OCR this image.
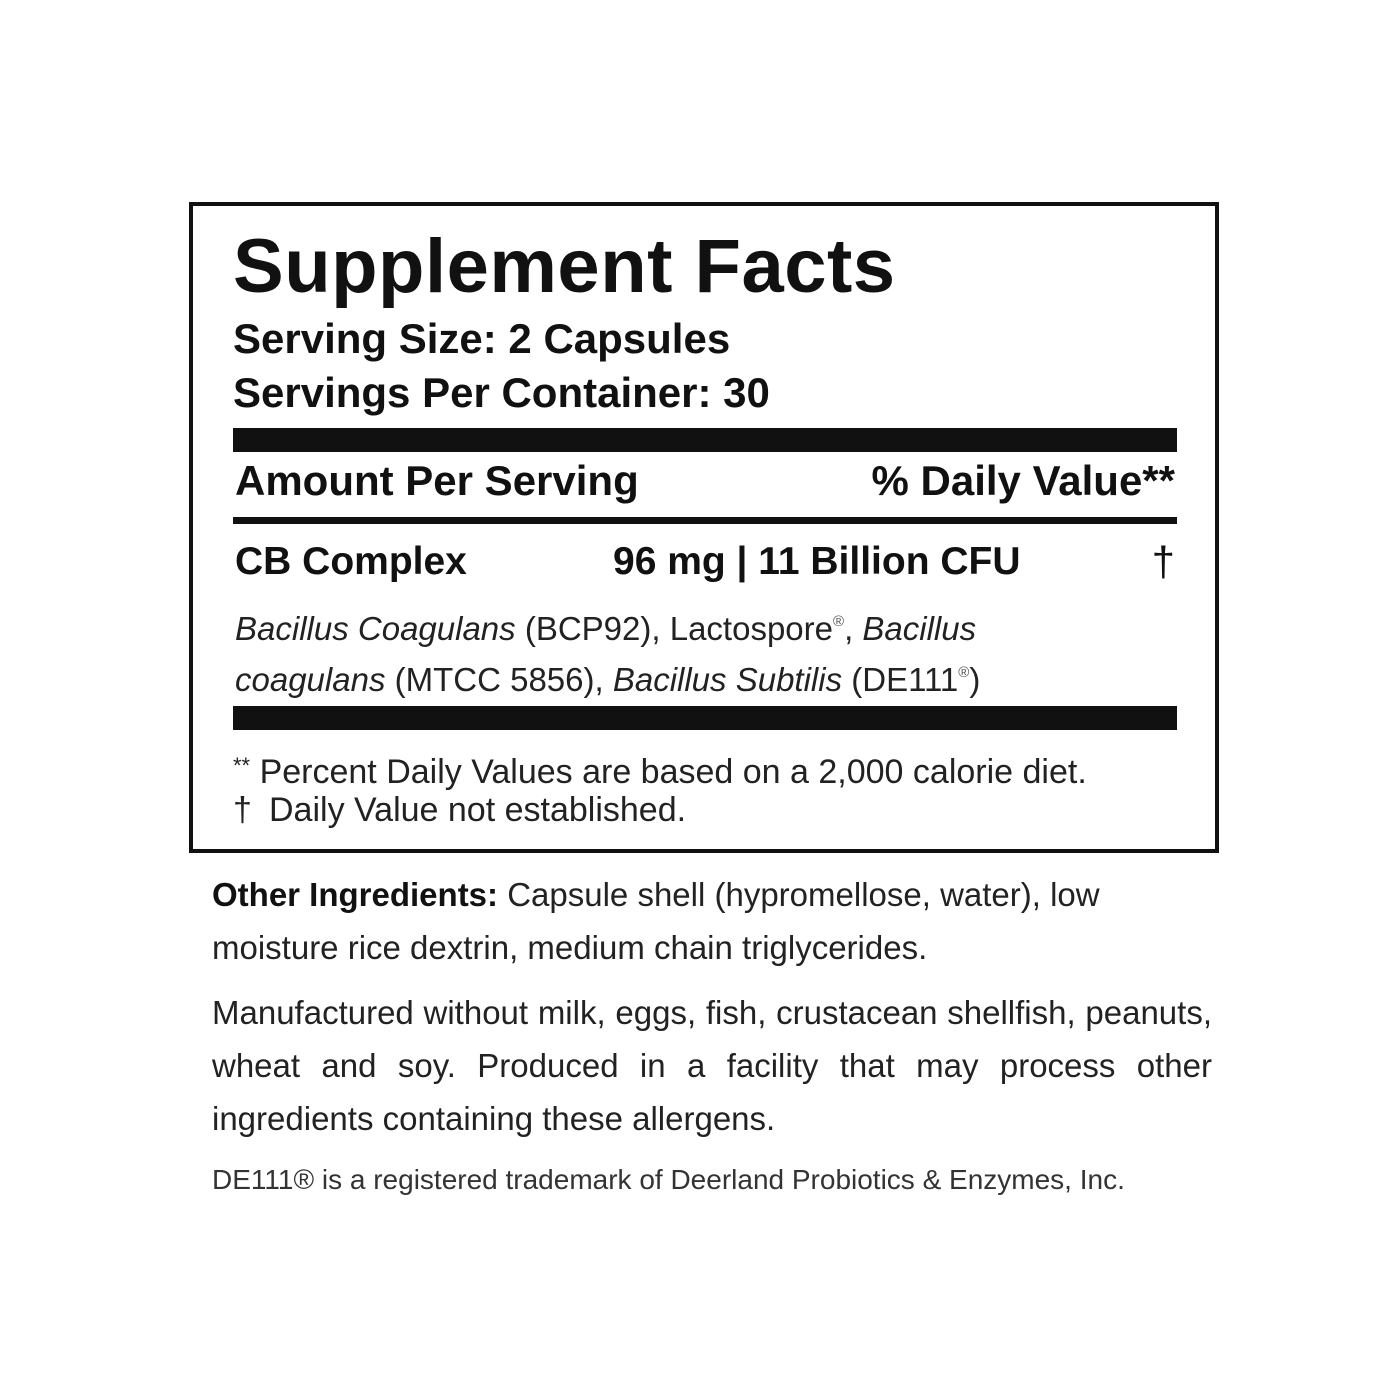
Supplement Facts
Serving Size: 2 Capsules
Servings Per Container: 30
Amount Per Serving	% Daily Value**
CB Complex	96 mg | 11 Billion CFU	†
Bacillus Coagulans (BCP92), Lactospore®, Bacillus coagulans (MTCC 5856), Bacillus Subtilis (DE111®)
** Percent Daily Values are based on a 2,000 calorie diet.
† Daily Value not established.
Other Ingredients: Capsule shell (hypromellose, water), low moisture rice dextrin, medium chain triglycerides.
Manufactured without milk, eggs, fish, crustacean shellfish, peanuts, wheat and soy. Produced in a facility that may process other ingredients containing these allergens.
DE111® is a registered trademark of Deerland Probiotics & Enzymes, Inc.
